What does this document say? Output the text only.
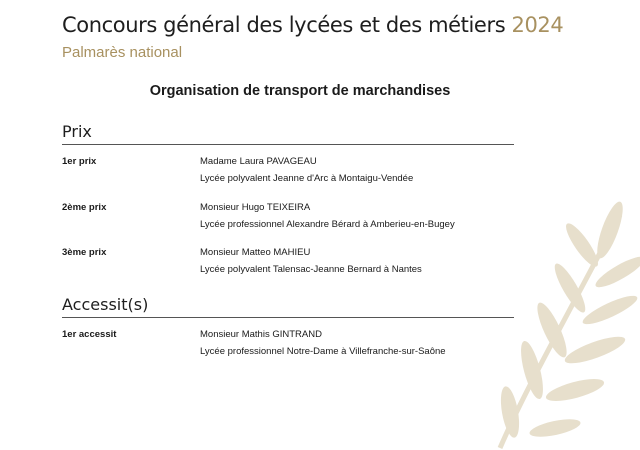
Concours général des lycées et des métiers 2024
Palmarès national
Organisation de transport de marchandises
Prix
1er prix	Madame Laura PAVAGEAU
Lycée polyvalent Jeanne d'Arc à Montaigu-Vendée
2ème prix	Monsieur Hugo TEIXEIRA
Lycée professionnel Alexandre Bérard à Amberieu-en-Bugey
3ème prix	Monsieur Matteo MAHIEU
Lycée polyvalent Talensac-Jeanne Bernard à Nantes
Accessit(s)
1er accessit	Monsieur Mathis GINTRAND
Lycée professionnel Notre-Dame à Villefranche-sur-Saône
